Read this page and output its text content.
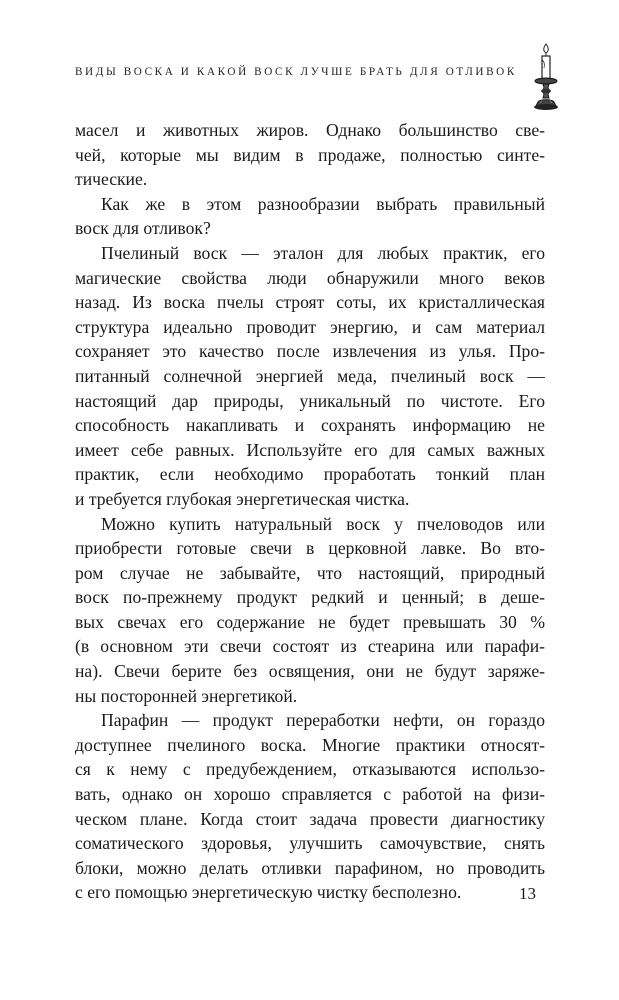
ВИДЫ ВОСКА И КАКОЙ ВОСК ЛУЧШЕ БРАТЬ ДЛЯ ОТЛИВОК
масел и животных жиров. Однако большинство све-
чей, которые мы видим в продаже, полностью синте-
тические.
Как же в этом разнообразии выбрать правильный
воск для отливок?
Пчелиный воск — эталон для любых практик, его
магические свойства люди обнаружили много веков
назад. Из воска пчелы строят соты, их кристаллическая
структура идеально проводит энергию, и сам материал
сохраняет это качество после извлечения из улья. Про-
питанный солнечной энергией меда, пчелиный воск —
настоящий дар природы, уникальный по чистоте. Его
способность накапливать и сохранять информацию не
имеет себе равных. Используйте его для самых важных
практик, если необходимо проработать тонкий план
и требуется глубокая энергетическая чистка.
Можно купить натуральный воск у пчеловодов или
приобрести готовые свечи в церковной лавке. Во вто-
ром случае не забывайте, что настоящий, природный
воск по-прежнему продукт редкий и ценный; в деше-
вых свечах его содержание не будет превышать 30 %
(в основном эти свечи состоят из стеарина или парафи-
на). Свечи берите без освящения, они не будут заряже-
ны посторонней энергетикой.
Парафин — продукт переработки нефти, он гораздо
доступнее пчелиного воска. Многие практики относят-
ся к нему с предубеждением, отказываются использо-
вать, однако он хорошо справляется с работой на физи-
ческом плане. Когда стоит задача провести диагностику
соматического здоровья, улучшить самочувствие, снять
блоки, можно делать отливки парафином, но проводить
с его помощью энергетическую чистку бесполезно.	13
